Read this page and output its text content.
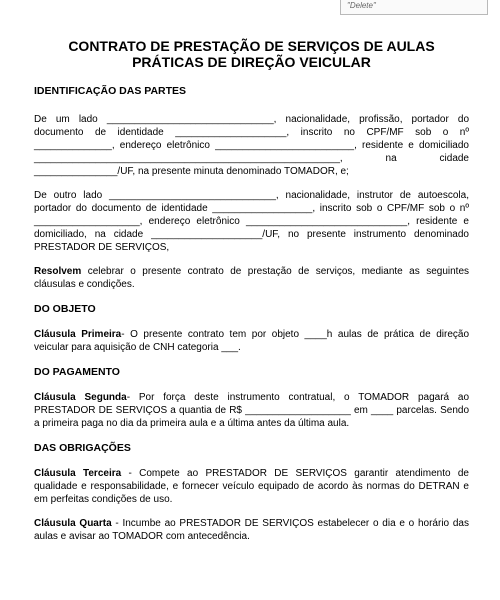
"Delete"

CONTRATO DE PRESTAÇÃO DE SERVIÇOS DE AULAS

PRÁTICAS DE DIREÇÃO VEICULAR

IDENTIFICAÇÃO DAS PARTES

De um lado ______________________________, nacionalidade, profissão, portador do documento de identidade ____________________, inscrito no CPF/MF sob o nº ______________, endereço eletrônico _________________________, residente e domiciliado _______________________________________________________, na cidade _______________/UF, na presente minuta denominado TOMADOR, e;

De outro lado ______________________________, nacionalidade, instrutor de autoescola, portador do documento de identidade __________________, inscrito sob o CPF/MF sob o nº ___________________, endereço eletrônico _____________________________, residente e domiciliado, na cidade ____________________/UF, no presente instrumento denominado PRESTADOR DE SERVIÇOS,

Resolvem celebrar o presente contrato de prestação de serviços, mediante as seguintes cláusulas e condições.

DO OBJETO

Cláusula Primeira- O presente contrato tem por objeto ____h aulas de prática de direção veicular para aquisição de CNH categoria ___.

DO PAGAMENTO

Cláusula Segunda- Por força deste instrumento contratual, o TOMADOR pagará ao PRESTADOR DE SERVIÇOS a quantia de R$ ___________________ em ____ parcelas. Sendo a primeira paga no dia da primeira aula e a última antes da última aula.

DAS OBRIGAÇÕES

Cláusula Terceira - Compete ao PRESTADOR DE SERVIÇOS garantir atendimento de qualidade e responsabilidade, e fornecer veículo equipado de acordo às normas do DETRAN e em perfeitas condições de uso.

Cláusula Quarta - Incumbe ao PRESTADOR DE SERVIÇOS estabelecer o dia e o horário das aulas e avisar ao TOMADOR com antecedência.
